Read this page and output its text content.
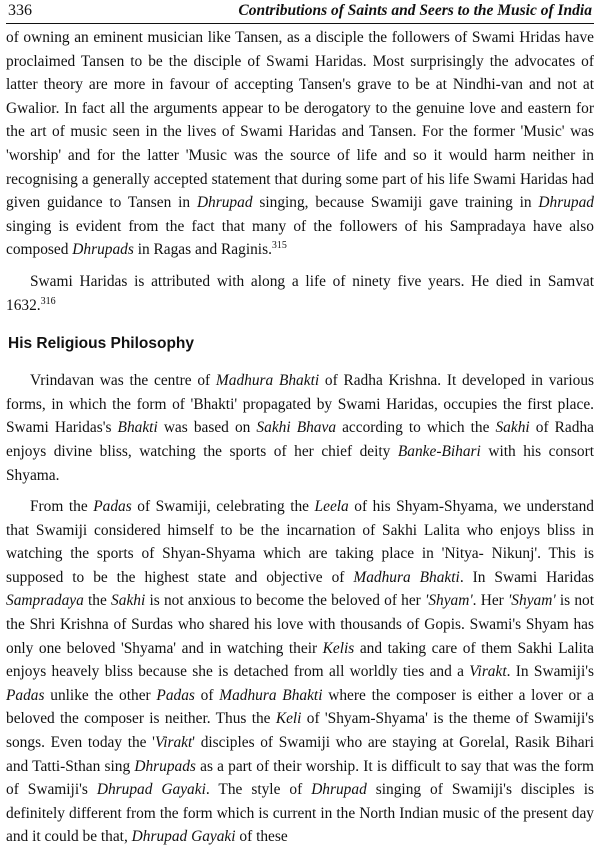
336	Contributions of Saints and Seers to the Music of India

of owning an eminent musician like Tansen, as a disciple the followers of Swami Hridas have proclaimed Tansen to be the disciple of Swami Haridas. Most surprisingly the advocates of latter theory are more in favour of accepting Tansen's grave to be at Nindhi-van and not at Gwalior. In fact all the arguments appear to be derogatory to the genuine love and eastern for the art of music seen in the lives of Swami Haridas and Tansen. For the former 'Music' was 'worship' and for the latter 'Music was the source of life and so it would harm neither in recognising a generally accepted statement that during some part of his life Swami Haridas had given guidance to Tansen in Dhrupad singing, because Swamiji gave training in Dhrupad singing is evident from the fact that many of the followers of his Sampradaya have also composed Dhrupads in Ragas and Raginis.$^{315}$

Swami Haridas is attributed with along a life of ninety five years. He died in Samvat 1632.$^{316}$

His Religious Philosophy

Vrindavan was the centre of Madhura Bhakti of Radha Krishna. It developed in various forms, in which the form of 'Bhakti' propagated by Swami Haridas, occupies the first place. Swami Haridas's Bhakti was based on Sakhi Bhava according to which the Sakhi of Radha enjoys divine bliss, watching the sports of her chief deity Banke-Bihari with his consort Shyama.

From the Padas of Swamiji, celebrating the Leela of his Shyam-Shyama, we understand that Swamiji considered himself to be the incarnation of Sakhi Lalita who enjoys bliss in watching the sports of Shyan-Shyama which are taking place in 'Nitya- Nikunj'. This is supposed to be the highest state and objective of Madhura Bhakti. In Swami Haridas Sampradaya the Sakhi is not anxious to become the beloved of her 'Shyam'. Her 'Shyam' is not the Shri Krishna of Surdas who shared his love with thousands of Gopis. Swami's Shyam has only one beloved 'Shyama' and in watching their Kelis and taking care of them Sakhi Lalita enjoys heavely bliss because she is detached from all worldly ties and a Virakt. In Swamiji's Padas unlike the other Padas of Madhura Bhakti where the composer is either a lover or a beloved the composer is neither. Thus the Keli of 'Shyam-Shyama' is the theme of Swamiji's songs. Even today the 'Virakt' disciples of Swamiji who are staying at Gorelal, Rasik Bihari and Tatti-Sthan sing Dhrupads as a part of their worship. It is difficult to say that was the form of Swamiji's Dhrupad Gayaki. The style of Dhrupad singing of Swamiji's disciples is definitely different from the form which is current in the North Indian music of the present day and it could be that, Dhrupad Gayaki of these
